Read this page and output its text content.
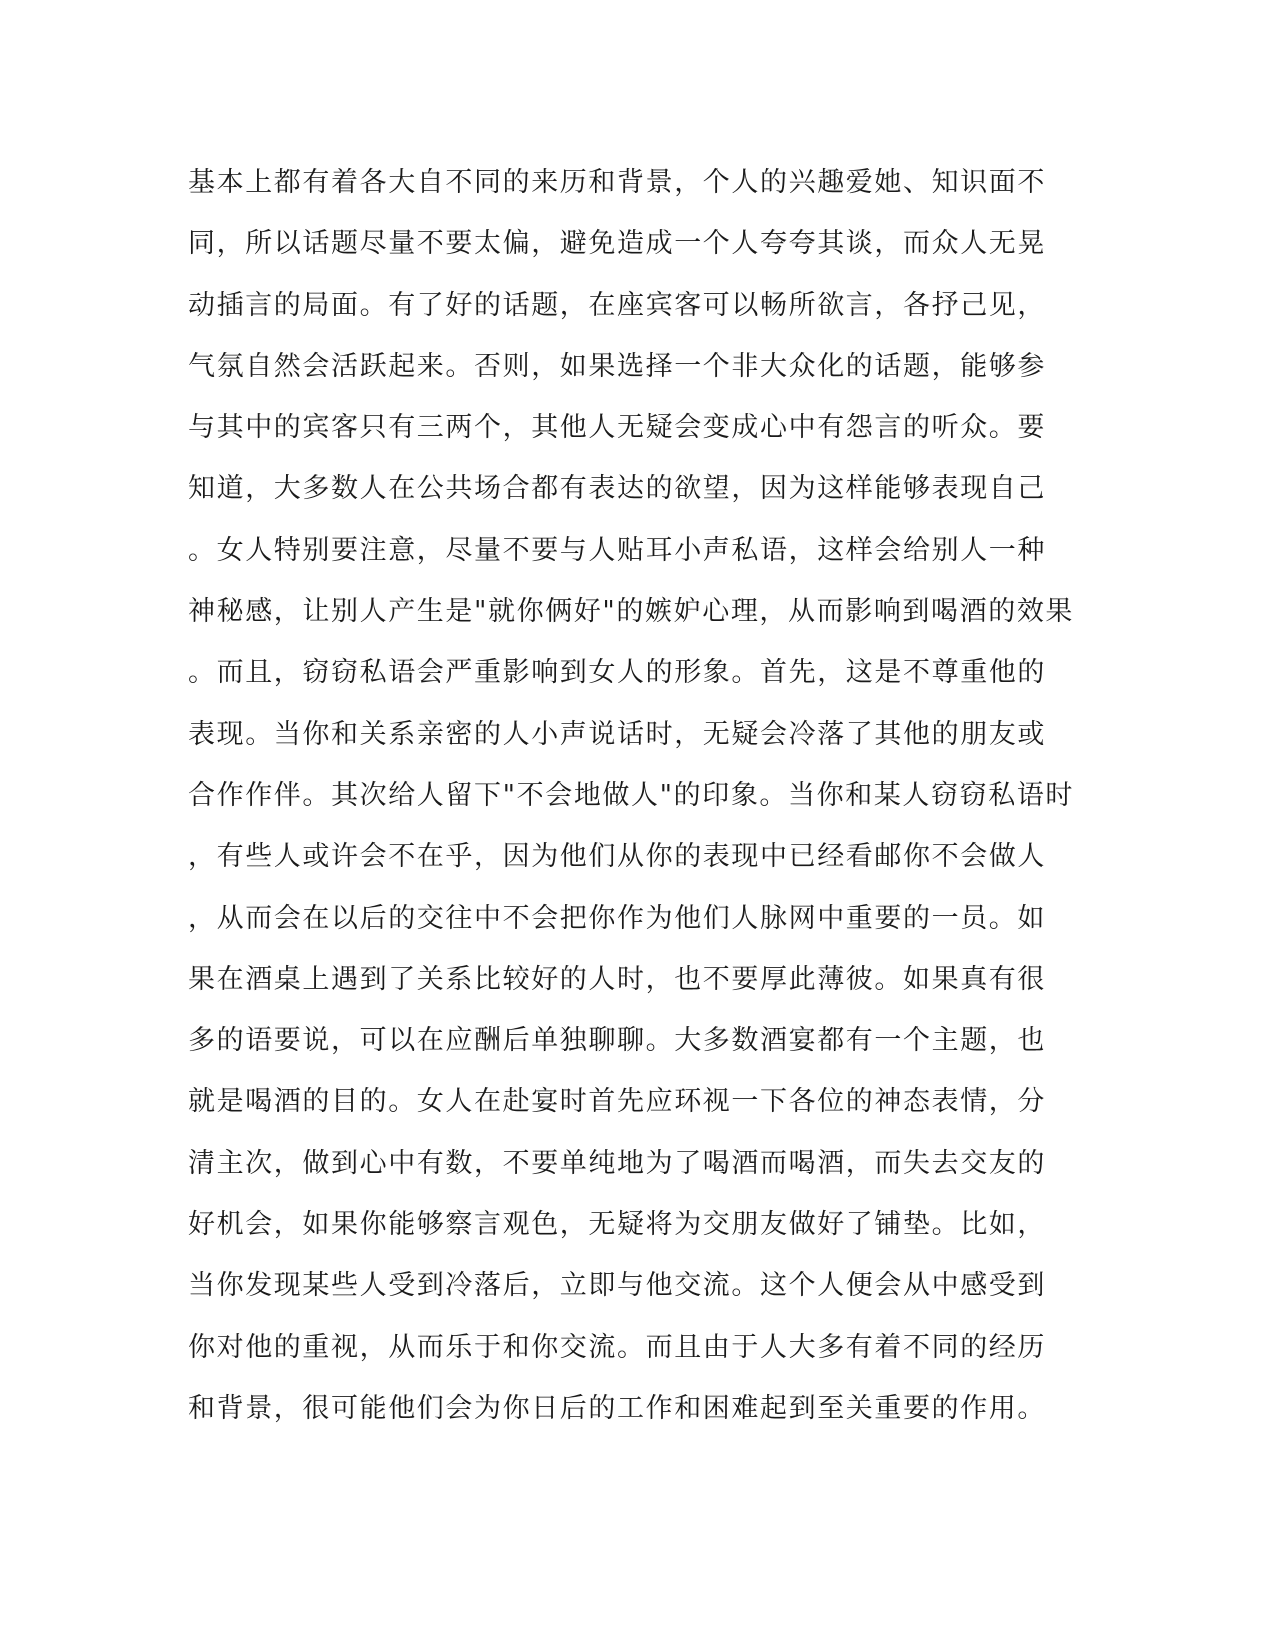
基本上都有着各大自不同的来历和背景，个人的兴趣爱她、知识面不
同，所以话题尽量不要太偏，避免造成一个人夸夸其谈，而众人无晃
动插言的局面。有了好的话题，在座宾客可以畅所欲言，各抒己见，
气氛自然会活跃起来。否则，如果选择一个非大众化的话题，能够参
与其中的宾客只有三两个，其他人无疑会变成心中有怨言的听众。要
知道，大多数人在公共场合都有表达的欲望，因为这样能够表现自己
。女人特别要注意，尽量不要与人贴耳小声私语，这样会给别人一种
神秘感，让别人产生是"就你俩好"的嫉妒心理，从而影响到喝酒的效果
。而且，窃窃私语会严重影响到女人的形象。首先，这是不尊重他的
表现。当你和关系亲密的人小声说话时，无疑会冷落了其他的朋友或
合作作伴。其次给人留下"不会地做人"的印象。当你和某人窃窃私语时
，有些人或许会不在乎，因为他们从你的表现中已经看邮你不会做人
，从而会在以后的交往中不会把你作为他们人脉网中重要的一员。如
果在酒桌上遇到了关系比较好的人时，也不要厚此薄彼。如果真有很
多的语要说，可以在应酬后单独聊聊。大多数酒宴都有一个主题，也
就是喝酒的目的。女人在赴宴时首先应环视一下各位的神态表情，分
清主次，做到心中有数，不要单纯地为了喝酒而喝酒，而失去交友的
好机会，如果你能够察言观色，无疑将为交朋友做好了铺垫。比如，
当你发现某些人受到冷落后，立即与他交流。这个人便会从中感受到
你对他的重视，从而乐于和你交流。而且由于人大多有着不同的经历
和背景，很可能他们会为你日后的工作和困难起到至关重要的作用。
